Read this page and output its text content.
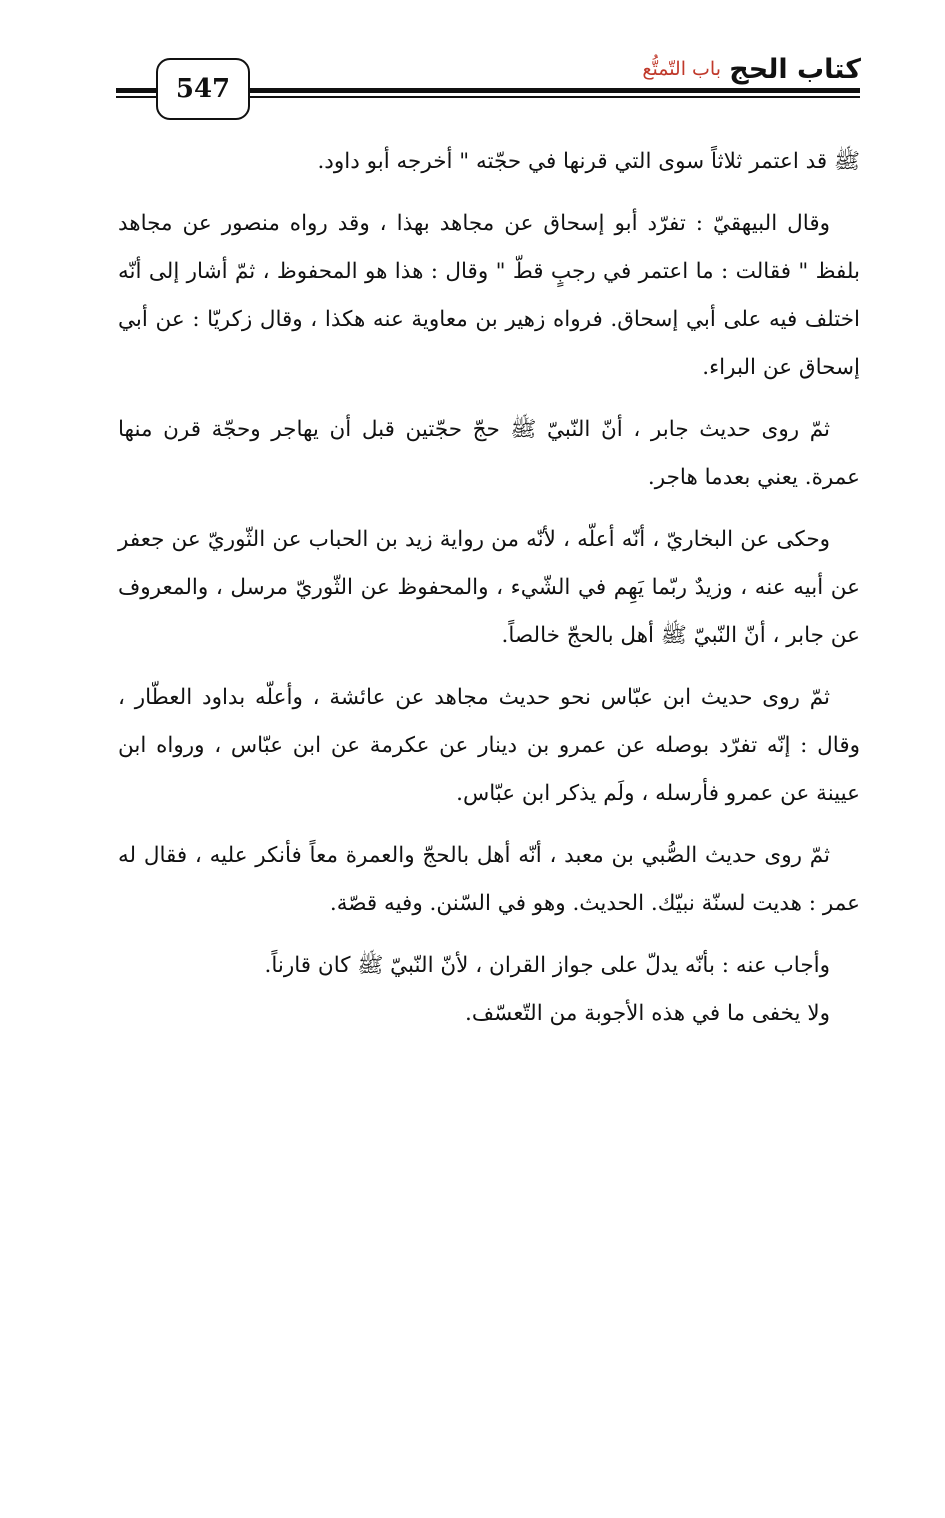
كتاب الحج
باب التّمتُّع
547

ﷺ قد اعتمر ثلاثاً سوى التي قرنها في حجّته " أخرجه أبو داود.

وقال البيهقيّ : تفرّد أبو إسحاق عن مجاهد بهذا ، وقد رواه منصور عن مجاهد بلفظ " فقالت : ما اعتمر في رجبٍ قطّ " وقال : هذا هو المحفوظ ، ثمّ أشار إلى أنّه اختلف فيه على أبي إسحاق. فرواه زهير بن معاوية عنه هكذا ، وقال زكريّا : عن أبي إسحاق عن البراء.

ثمّ روى حديث جابر ، أنّ النّبيّ ﷺ حجّ حجّتين قبل أن يهاجر وحجّة قرن منها عمرة. يعني بعدما هاجر.

وحكى عن البخاريّ ، أنّه أعلّه ، لأنّه من رواية زيد بن الحباب عن الثّوريّ عن جعفر عن أبيه عنه ، وزيدٌ ربّما يَهِم في الشّيء ، والمحفوظ عن الثّوريّ مرسل ، والمعروف عن جابر ، أنّ النّبيّ ﷺ أهل بالحجّ خالصاً.

ثمّ روى حديث ابن عبّاس نحو حديث مجاهد عن عائشة ، وأعلّه بداود العطّار ، وقال : إنّه تفرّد بوصله عن عمرو بن دينار عن عكرمة عن ابن عبّاس ، ورواه ابن عيينة عن عمرو فأرسله ، ولَم يذكر ابن عبّاس.

ثمّ روى حديث الصُّبي بن معبد ، أنّه أهل بالحجّ والعمرة معاً فأنكر عليه ، فقال له عمر : هديت لسنّة نبيّك. الحديث. وهو في السّنن. وفيه قصّة.

وأجاب عنه : بأنّه يدلّ على جواز القران ، لأنّ النّبيّ ﷺ كان قارناً.

ولا يخفى ما في هذه الأجوبة من التّعسّف.
